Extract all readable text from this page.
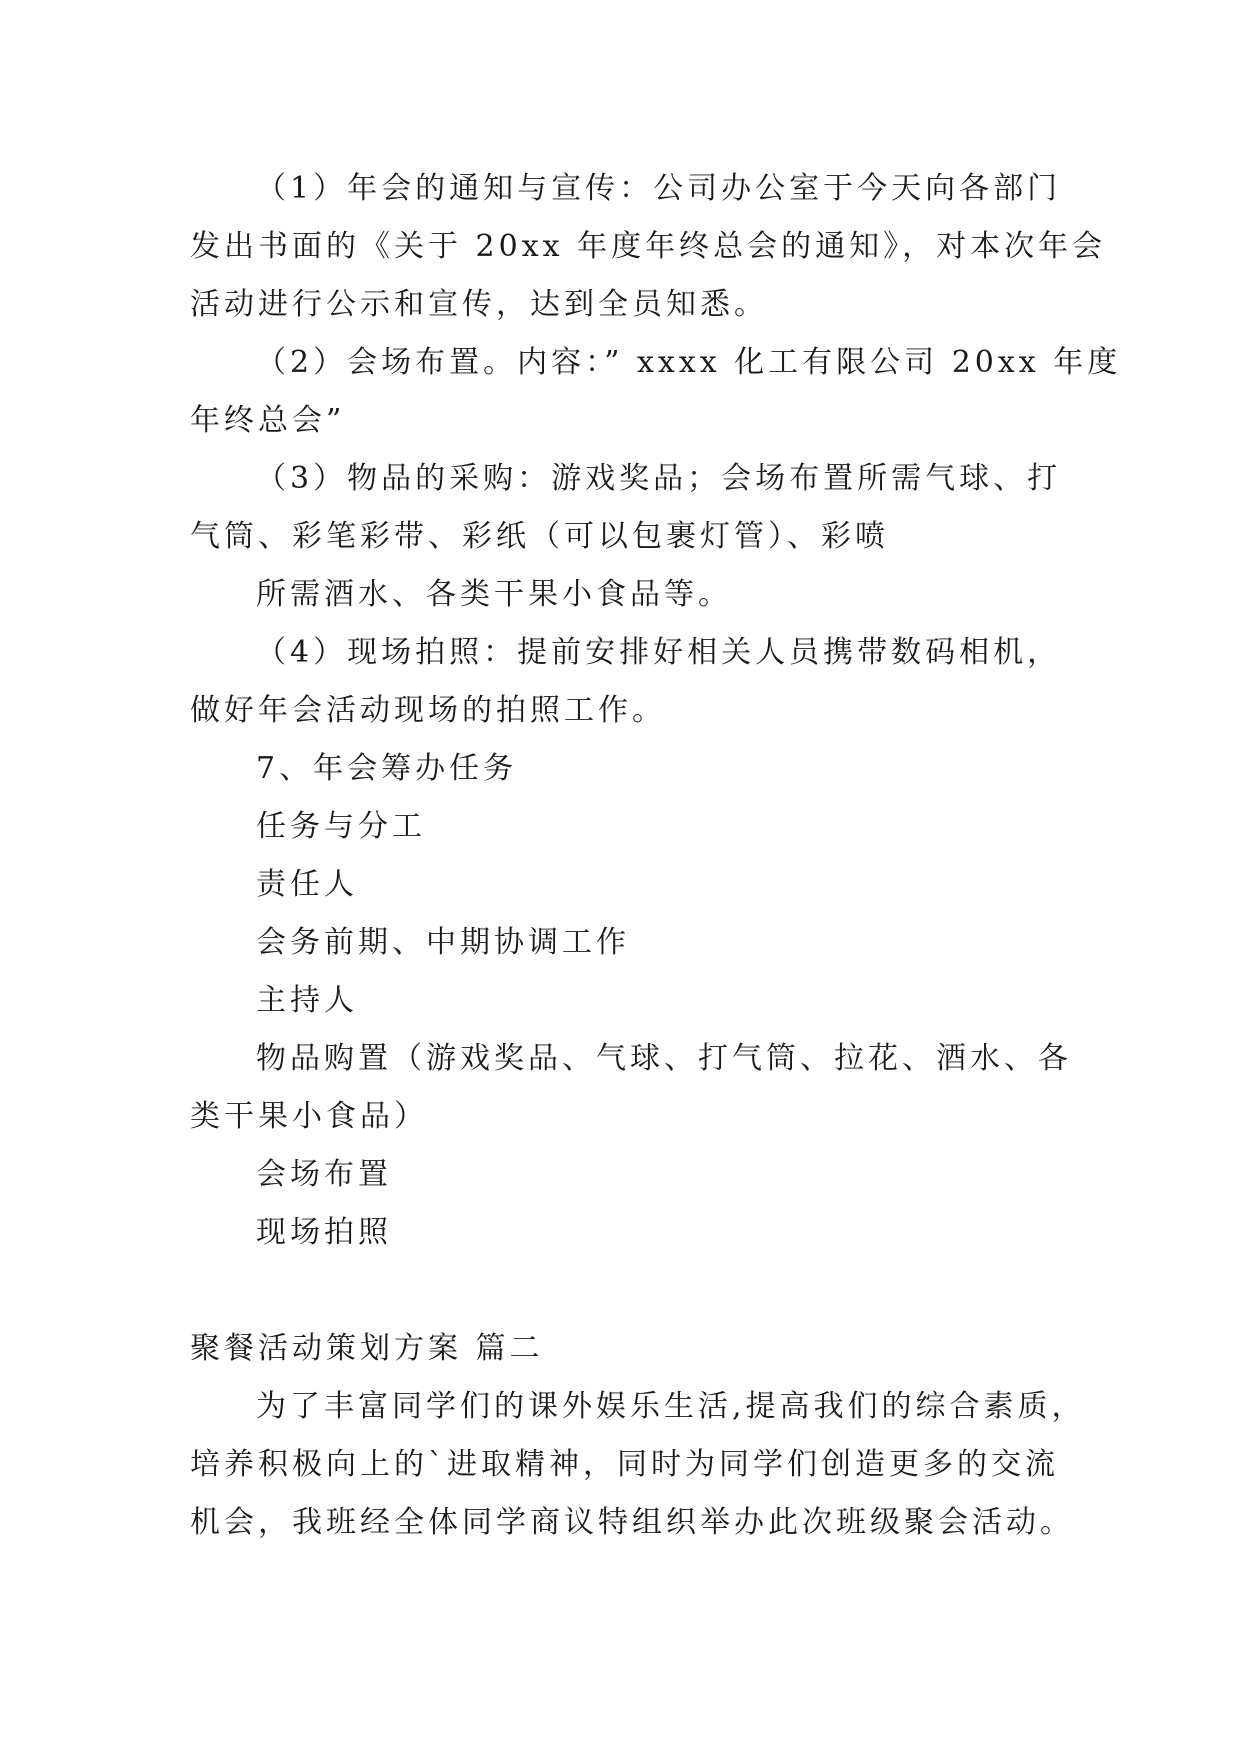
（1）年会的通知与宣传：公司办公室于今天向各部门

发出书面的《关于 20xx 年度年终总会的通知》，对本次年会

活动进行公示和宣传，达到全员知悉。

（2）会场布置。内容：” xxxx 化工有限公司 20xx 年度

年终总会”

（3）物品的采购：游戏奖品；会场布置所需气球、打

气筒、彩笔彩带、彩纸（可以包裹灯管）、彩喷

所需酒水、各类干果小食品等。

（4）现场拍照：提前安排好相关人员携带数码相机，

做好年会活动现场的拍照工作。

7、年会筹办任务

任务与分工

责任人

会务前期、中期协调工作

主持人

物品购置（游戏奖品、气球、打气筒、拉花、酒水、各

类干果小食品）

会场布置

现场拍照

聚餐活动策划方案 篇二

为了丰富同学们的课外娱乐生活,提高我们的综合素质，

培养积极向上的`进取精神，同时为同学们创造更多的交流

机会，我班经全体同学商议特组织举办此次班级聚会活动。
